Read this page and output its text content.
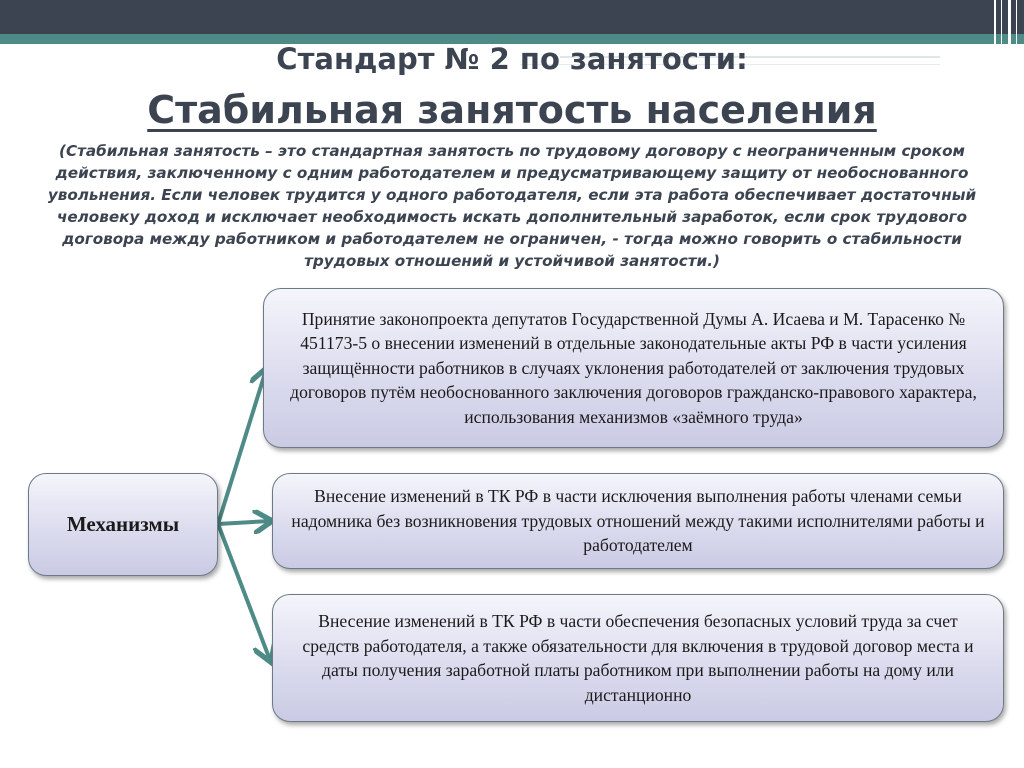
Стандарт № 2 по занятости:
Стабильная занятость населения
(Стабильная занятость – это стандартная занятость по трудовому договору с неограниченным сроком действия, заключенному с одним работодателем и предусматривающему защиту от необоснованного увольнения. Если человек трудится у одного работодателя, если эта работа обеспечивает достаточный человеку доход и исключает необходимость искать дополнительный заработок, если срок трудового договора между работником и работодателем не ограничен, - тогда можно говорить о стабильности трудовых отношений и устойчивой занятости.)
Механизмы
Принятие законопроекта депутатов Государственной Думы А. Исаева и М. Тарасенко № 451173-5 о внесении изменений в отдельные законодательные акты РФ в части усиления защищённости работников в случаях уклонения работодателей от заключения трудовых договоров путём необоснованного заключения договоров гражданско-правового характера, использования механизмов «заёмного труда»
Внесение изменений в ТК РФ в части исключения выполнения работы членами семьи надомника без возникновения трудовых отношений между такими исполнителями работы и работодателем
Внесение изменений в ТК РФ в части обеспечения безопасных условий труда за счет средств работодателя, а также обязательности для включения в трудовой договор места и даты получения заработной платы работником при выполнении работы на дому или дистанционно
